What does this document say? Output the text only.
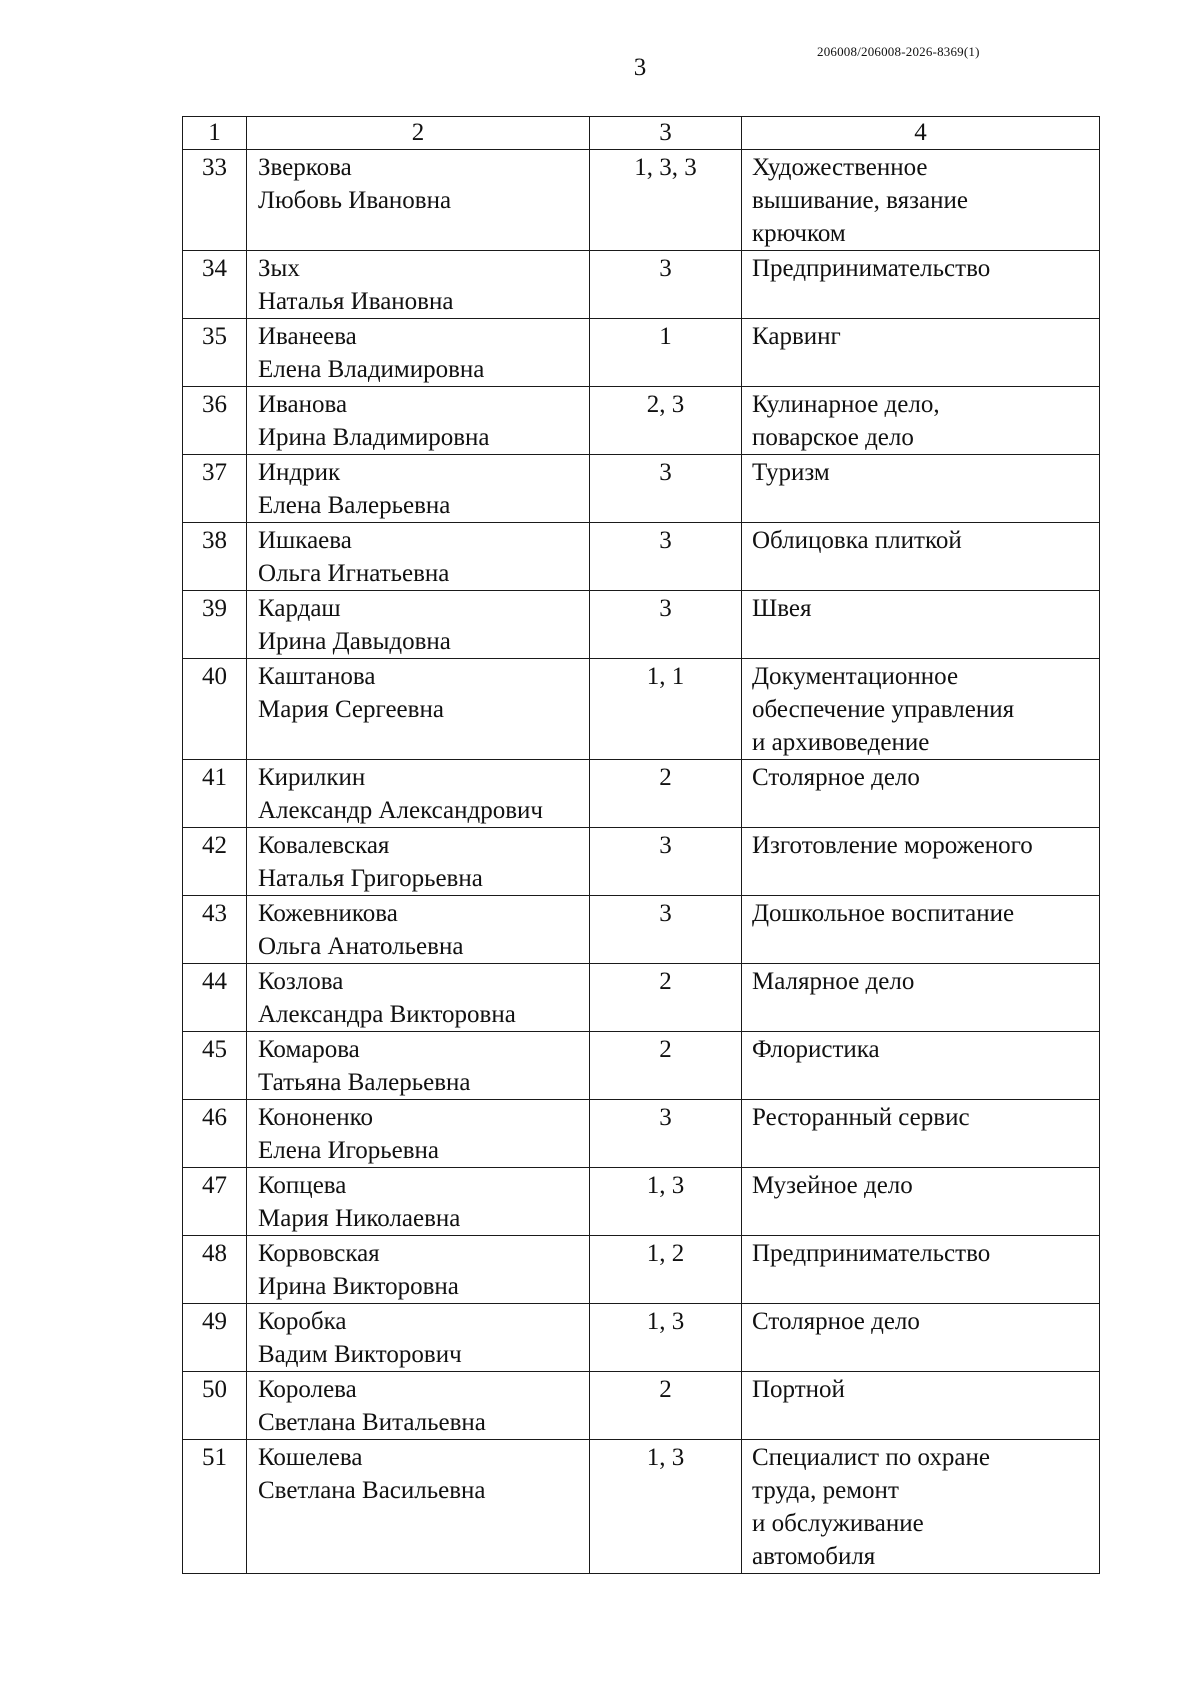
206008/206008-2026-8369(1)
3
1	2	3	4
33	Зверкова
Любовь Ивановна	1, 3, 3	Художественное
вышивание, вязание
крючком

34	Зых
Наталья Ивановна	3	Предпринимательство

35	Иванеева
Елена Владимировна	1	Карвинг

36	Иванова
Ирина Владимировна	2, 3	Кулинарное дело,
поварское дело

37	Индрик
Елена Валерьевна	3	Туризм

38	Ишкаева
Ольга Игнатьевна	3	Облицовка плиткой

39	Кардаш
Ирина Давыдовна	3	Швея

40	Каштанова
Мария Сергеевна	1, 1	Документационное
обеспечение управления
и архивоведение

41	Кирилкин
Александр Александрович	2	Столярное дело

42	Ковалевская
Наталья Григорьевна	3	Изготовление мороженого

43	Кожевникова
Ольга Анатольевна	3	Дошкольное воспитание

44	Козлова
Александра Викторовна	2	Малярное дело

45	Комарова
Татьяна Валерьевна	2	Флористика

46	Кононенко
Елена Игорьевна	3	Ресторанный сервис

47	Копцева
Мария Николаевна	1, 3	Музейное дело

48	Корвовская
Ирина Викторовна	1, 2	Предпринимательство

49	Коробка
Вадим Викторович	1, 3	Столярное дело

50	Королева
Светлана Витальевна	2	Портной

51	Кошелева
Светлана Васильевна	1, 3	Специалист по охране
труда, ремонт
и обслуживание
автомобиля
